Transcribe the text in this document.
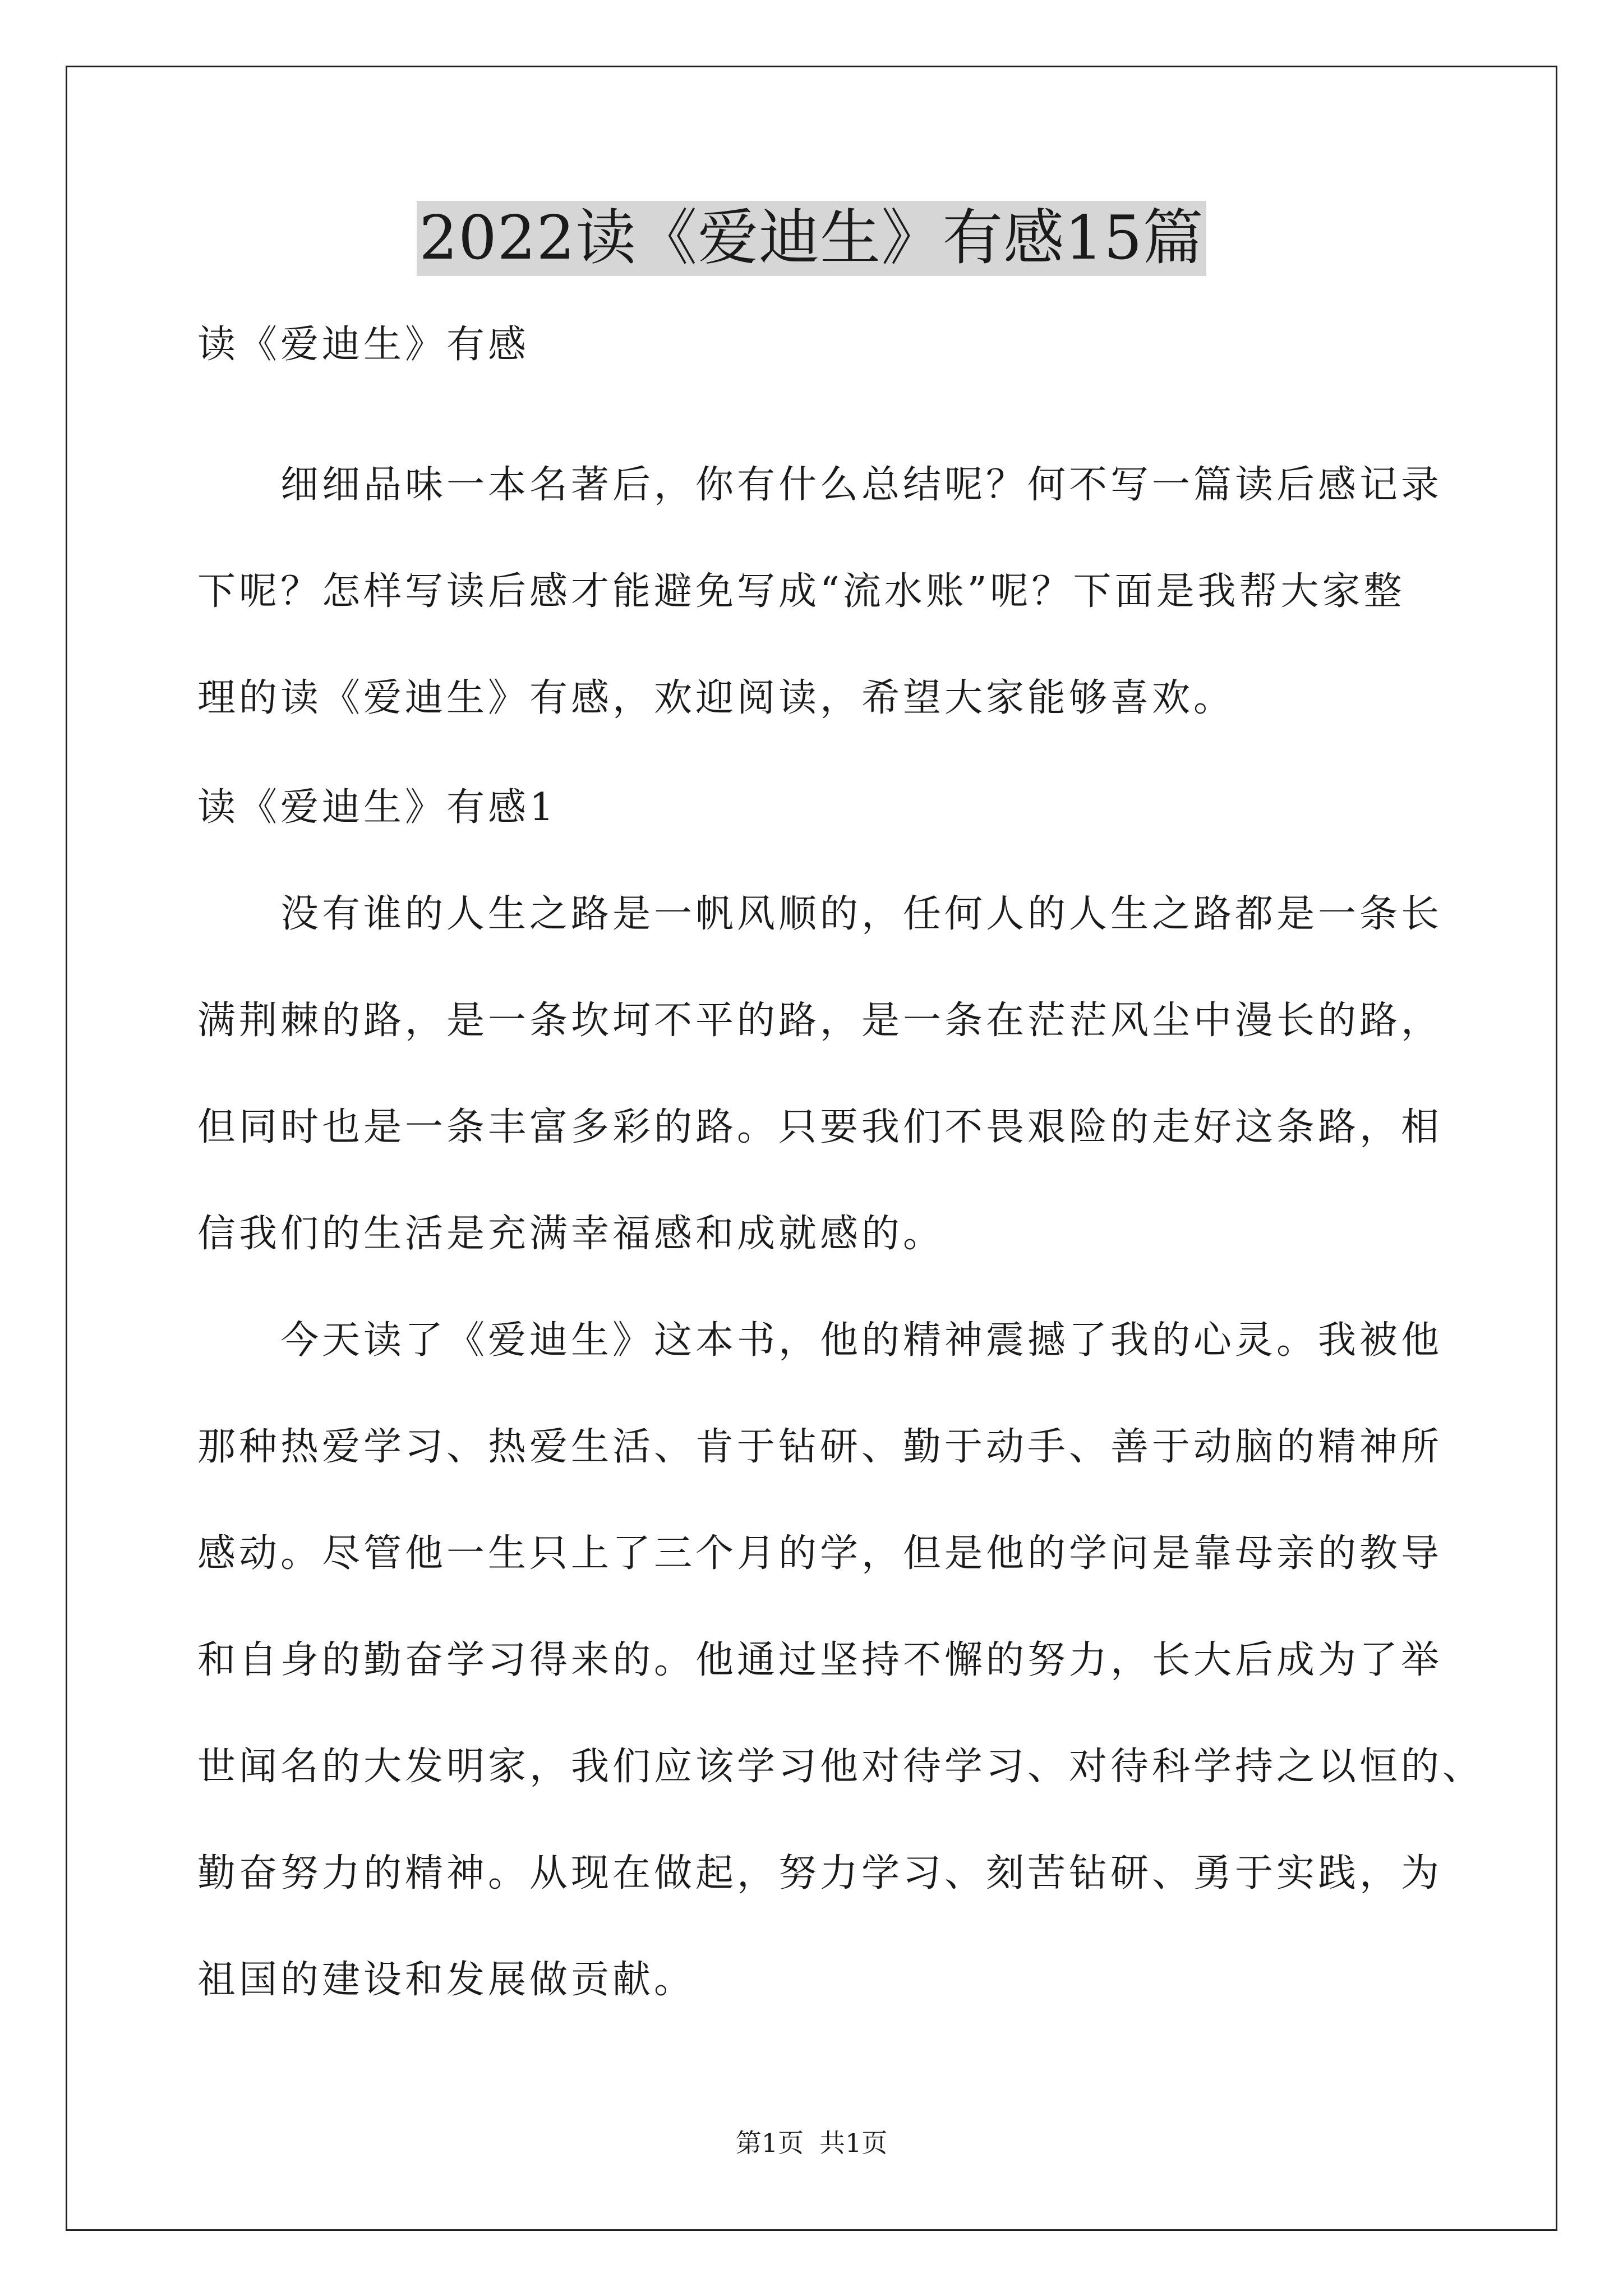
2022读《爱迪生》有感15篇
读《爱迪生》有感
细细品味一本名著后，你有什么总结呢？何不写一篇读后感记录
下呢？怎样写读后感才能避免写成“流水账”呢？下面是我帮大家整
理的读《爱迪生》有感，欢迎阅读，希望大家能够喜欢。
读《爱迪生》有感1
没有谁的人生之路是一帆风顺的，任何人的人生之路都是一条长
满荆棘的路，是一条坎坷不平的路，是一条在茫茫风尘中漫长的路，
但同时也是一条丰富多彩的路。只要我们不畏艰险的走好这条路，相
信我们的生活是充满幸福感和成就感的。
今天读了《爱迪生》这本书，他的精神震撼了我的心灵。我被他
那种热爱学习、热爱生活、肯于钻研、勤于动手、善于动脑的精神所
感动。尽管他一生只上了三个月的学，但是他的学问是靠母亲的教导
和自身的勤奋学习得来的。他通过坚持不懈的努力，长大后成为了举
世闻名的大发明家，我们应该学习他对待学习、对待科学持之以恒的、
勤奋努力的精神。从现在做起，努力学习、刻苦钻研、勇于实践，为
祖国的建设和发展做贡献。
第1页 共1页
